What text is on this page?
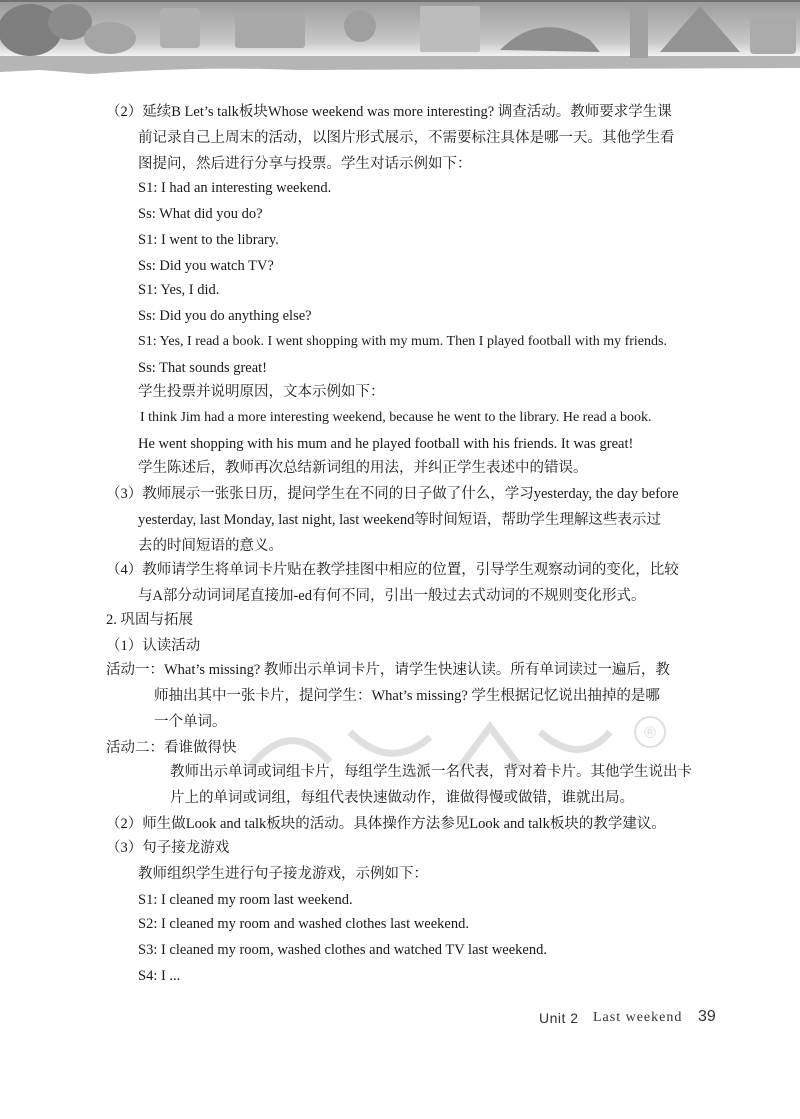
®
（2）延续B Let’s talk板块Whose weekend was more interesting? 调查活动。教师要求学生课
前记录自己上周末的活动，以图片形式展示，不需要标注具体是哪一天。其他学生看
图提问，然后进行分享与投票。学生对话示例如下：
S1: I had an interesting weekend.
Ss: What did you do?
S1: I went to the library.
Ss: Did you watch TV?
S1: Yes, I did.
Ss: Did you do anything else?
S1: Yes, I read a book. I went shopping with my mum. Then I played football with my friends.
Ss: That sounds great!
学生投票并说明原因，文本示例如下：
I think Jim had a more interesting weekend, because he went to the library. He read a book.
He went shopping with his mum and he played football with his friends. It was great!
学生陈述后，教师再次总结新词组的用法，并纠正学生表述中的错误。
（3）教师展示一张张日历，提问学生在不同的日子做了什么，学习yesterday, the day before
yesterday, last Monday, last night, last weekend等时间短语，帮助学生理解这些表示过
去的时间短语的意义。
（4）教师请学生将单词卡片贴在教学挂图中相应的位置，引导学生观察动词的变化，比较
与A部分动词词尾直接加-ed有何不同，引出一般过去式动词的不规则变化形式。
2. 巩固与拓展
（1）认读活动
活动一：What’s missing? 教师出示单词卡片，请学生快速认读。所有单词读过一遍后，教
师抽出其中一张卡片，提问学生：What’s missing? 学生根据记忆说出抽掉的是哪
一个单词。
活动二：看谁做得快
教师出示单词或词组卡片，每组学生选派一名代表，背对着卡片。其他学生说出卡
片上的单词或词组，每组代表快速做动作，谁做得慢或做错，谁就出局。
（2）师生做Look and talk板块的活动。具体操作方法参见Look and talk板块的教学建议。
（3）句子接龙游戏
教师组织学生进行句子接龙游戏，示例如下：
S1: I cleaned my room last weekend.
S2: I cleaned my room and washed clothes last weekend.
S3: I cleaned my room, washed clothes and watched TV last weekend.
S4: I ...
Unit 2 Last weekend 39
